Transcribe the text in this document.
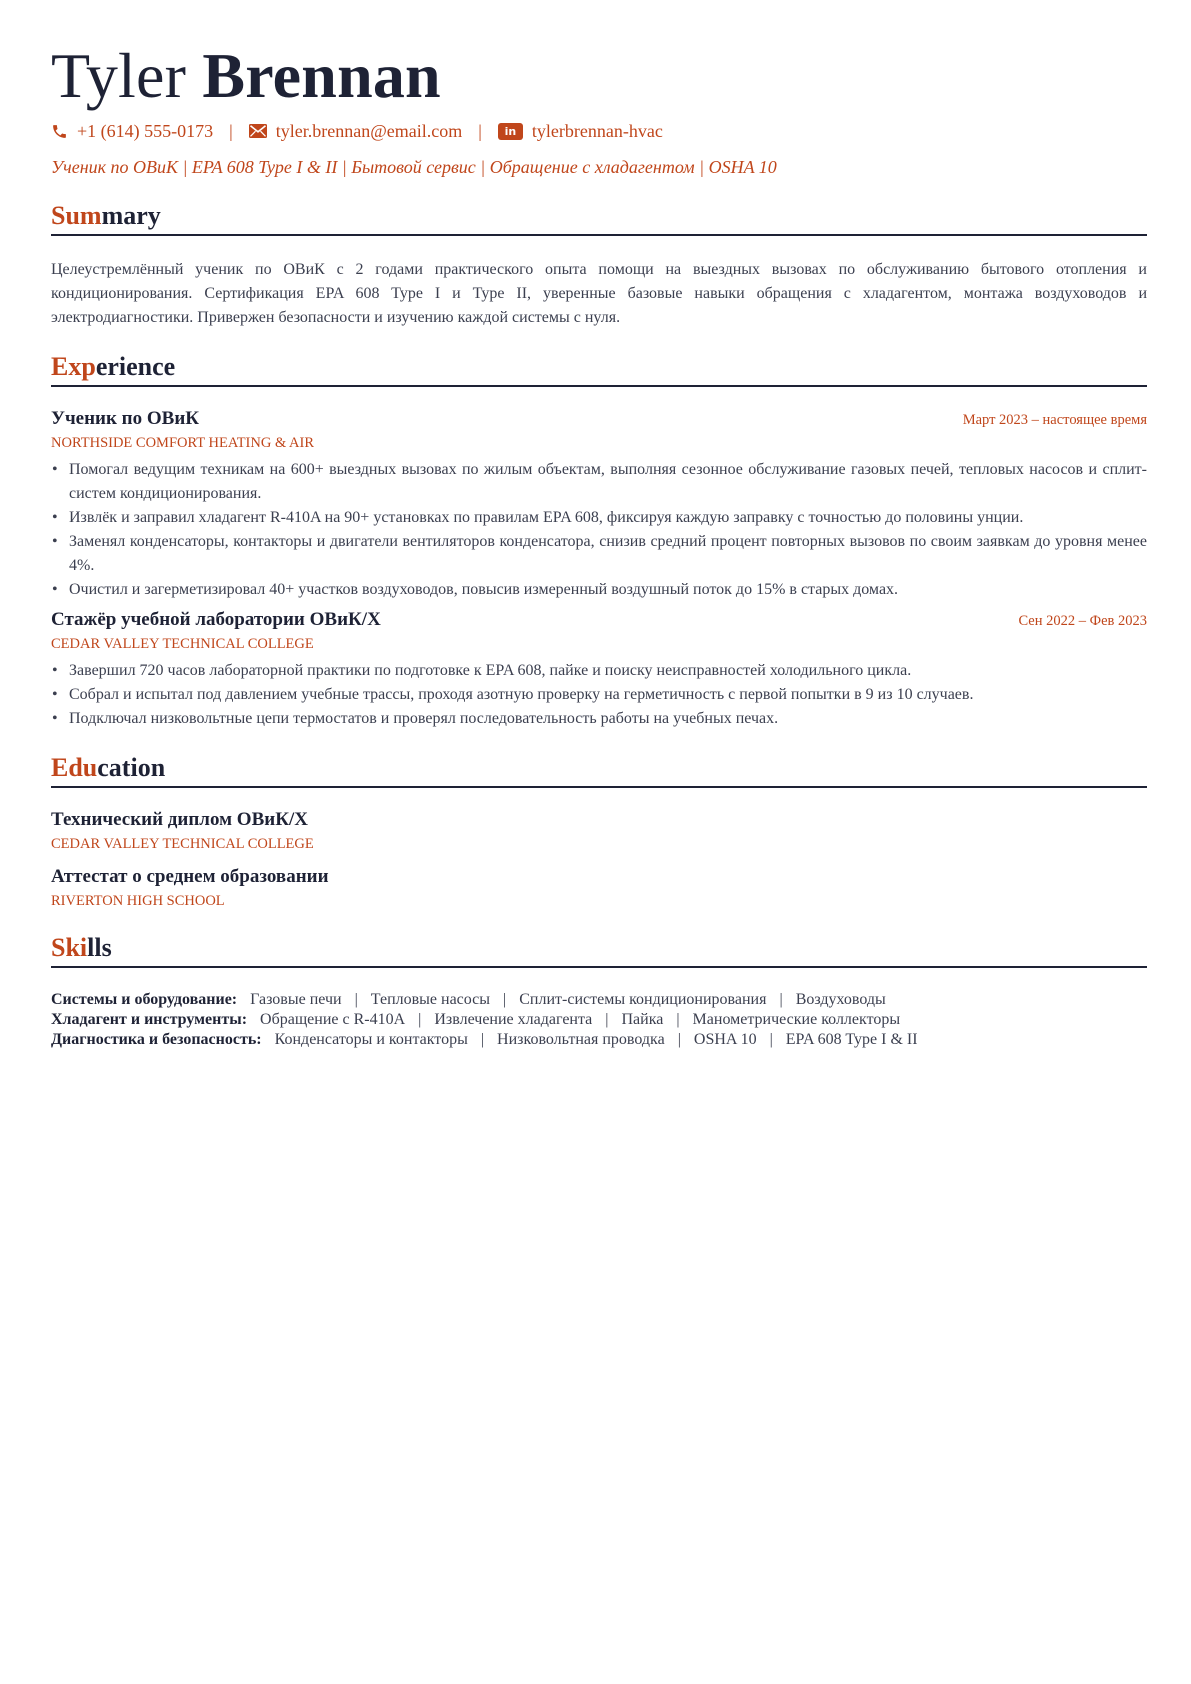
Tyler Brennan
+1 (614) 555-0173 | tyler.brennan@email.com |	in tylerbrennan-hvac
Ученик по ОВиК | EPA 608 Type I & II | Бытовой сервис | Обращение с хладагентом | OSHA 10
Summary

Целеустремлённый ученик по ОВиК с 2 годами практического опыта помощи на выездных вызовах по обслуживанию бытового отопления и кондиционирования. Сертификация EPA 608 Type I и Type II, уверенные базовые навыки обращения с хладагентом, монтажа воздуховодов и электродиагностики. Привержен безопасности и изучению каждой системы с нуля.

Experience
Ученик по ОВиК	Март 2023 – настоящее время
NORTHSIDE COMFORT HEATING & AIR
• Помогал ведущим техникам на 600+ выездных вызовах по жилым объектам, выполняя сезонное обслуживание газовых печей, тепловых насосов и сплит-систем кондиционирования.
• Извлёк и заправил хладагент R-410A на 90+ установках по правилам EPA 608, фиксируя каждую заправку с точностью до половины унции.
• Заменял конденсаторы, контакторы и двигатели вентиляторов конденсатора, снизив средний процент повторных вызовов по своим заявкам до уровня менее 4%.
• Очистил и загерметизировал 40+ участков воздуховодов, повысив измеренный воздушный поток до 15% в старых домах.
Стажёр учебной лаборатории ОВиК/Х	Сен 2022 – Фев 2023
CEDAR VALLEY TECHNICAL COLLEGE
• Завершил 720 часов лабораторной практики по подготовке к EPA 608, пайке и поиску неисправностей холодильного цикла.
• Собрал и испытал под давлением учебные трассы, проходя азотную проверку на герметичность с первой попытки в 9 из 10 случаев.
• Подключал низковольтные цепи термостатов и проверял последовательность работы на учебных печах.
Education
Технический диплом ОВиК/Х
CEDAR VALLEY TECHNICAL COLLEGE
Аттестат о среднем образовании
RIVERTON HIGH SCHOOL
Skills
Системы и оборудование: Газовые печи | Тепловые насосы | Сплит-системы кондиционирования | Воздуховоды
Хладагент и инструменты: Обращение с R-410A | Извлечение хладагента | Пайка | Манометрические коллекторы
Диагностика и безопасность: Конденсаторы и контакторы | Низковольтная проводка | OSHA 10 | EPA 608 Type I & II
